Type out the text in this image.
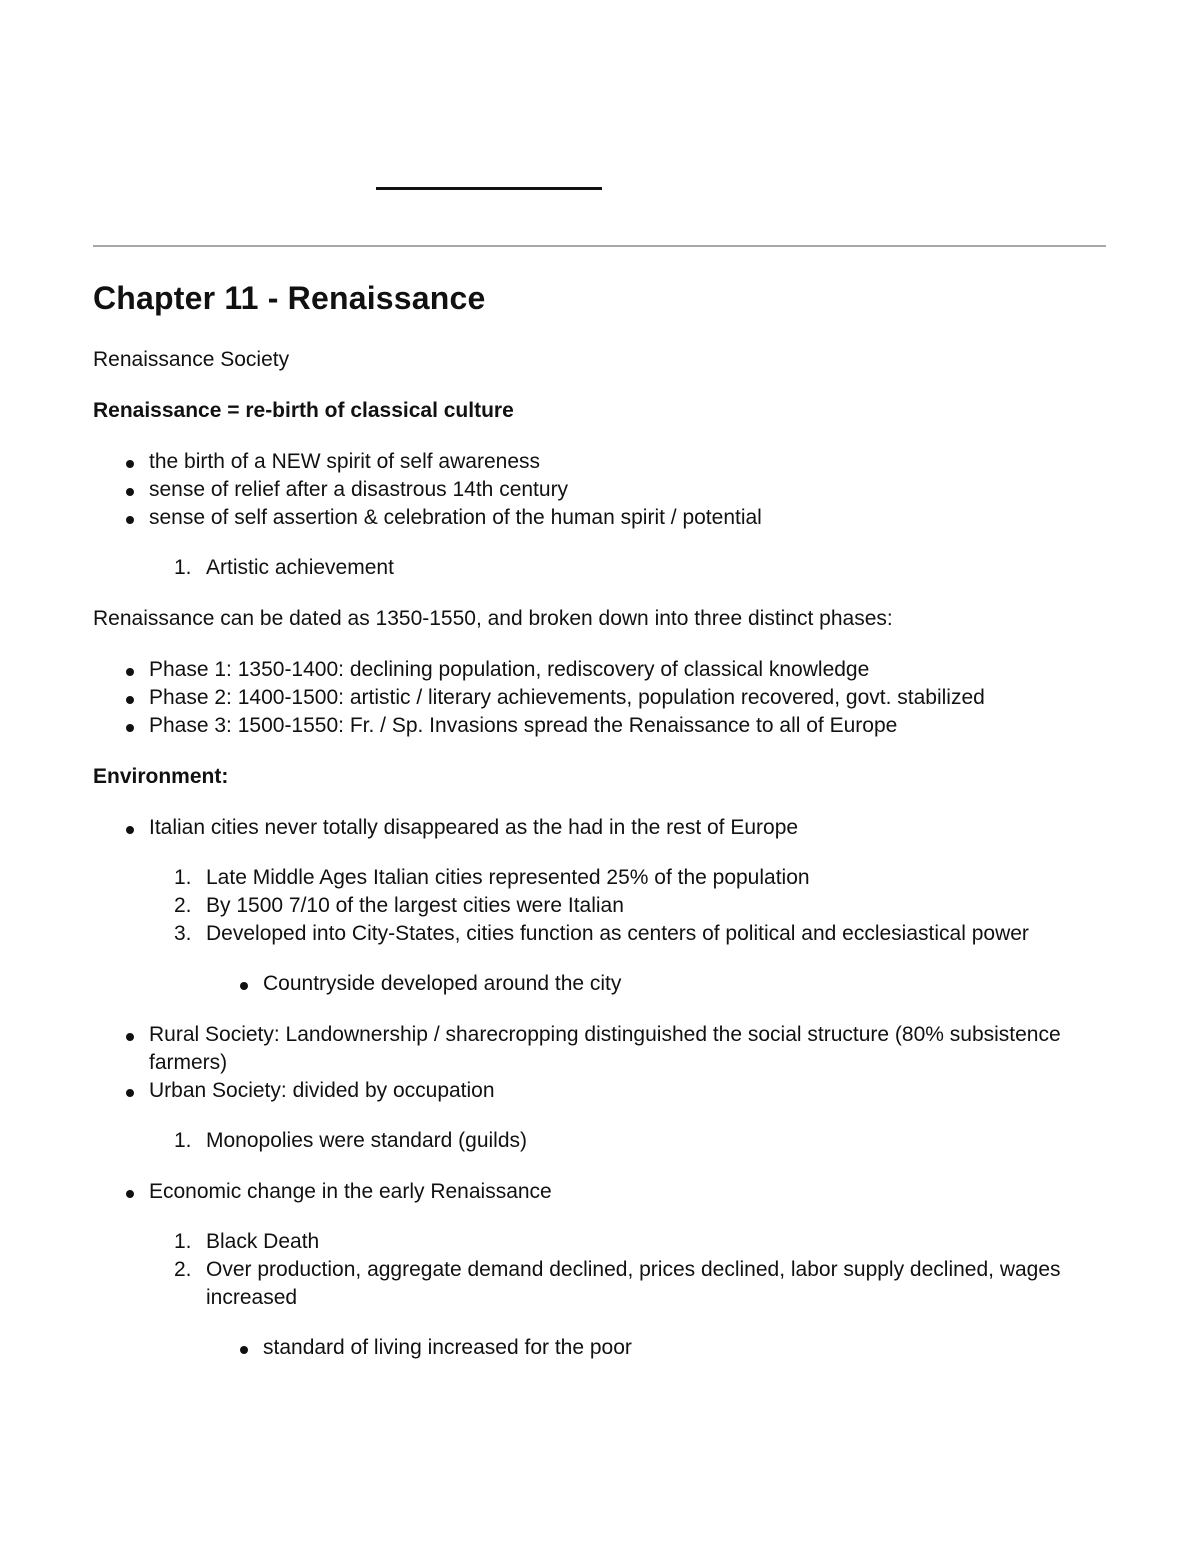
Chapter 11 - Renaissance

Renaissance Society

Renaissance = re-birth of classical culture

the birth of a NEW spirit of self awareness
sense of relief after a disastrous 14th century
sense of self assertion & celebration of the human spirit / potential
1. Artistic achievement

Renaissance can be dated as 1350-1550, and broken down into three distinct phases:

Phase 1: 1350-1400: declining population, rediscovery of classical knowledge
Phase 2: 1400-1500: artistic / literary achievements, population recovered, govt. stabilized
Phase 3: 1500-1550: Fr. / Sp. Invasions spread the Renaissance to all of Europe

Environment:

Italian cities never totally disappeared as the had in the rest of Europe
1. Late Middle Ages Italian cities represented 25% of the population
2. By 1500 7/10 of the largest cities were Italian
3. Developed into City-States, cities function as centers of political and ecclesiastical power
Countryside developed around the city
Rural Society: Landownership / sharecropping distinguished the social structure (80% subsistence farmers)
Urban Society: divided by occupation
1. Monopolies were standard (guilds)
Economic change in the early Renaissance
1. Black Death
2. Over production, aggregate demand declined, prices declined, labor supply declined, wages increased
standard of living increased for the poor
